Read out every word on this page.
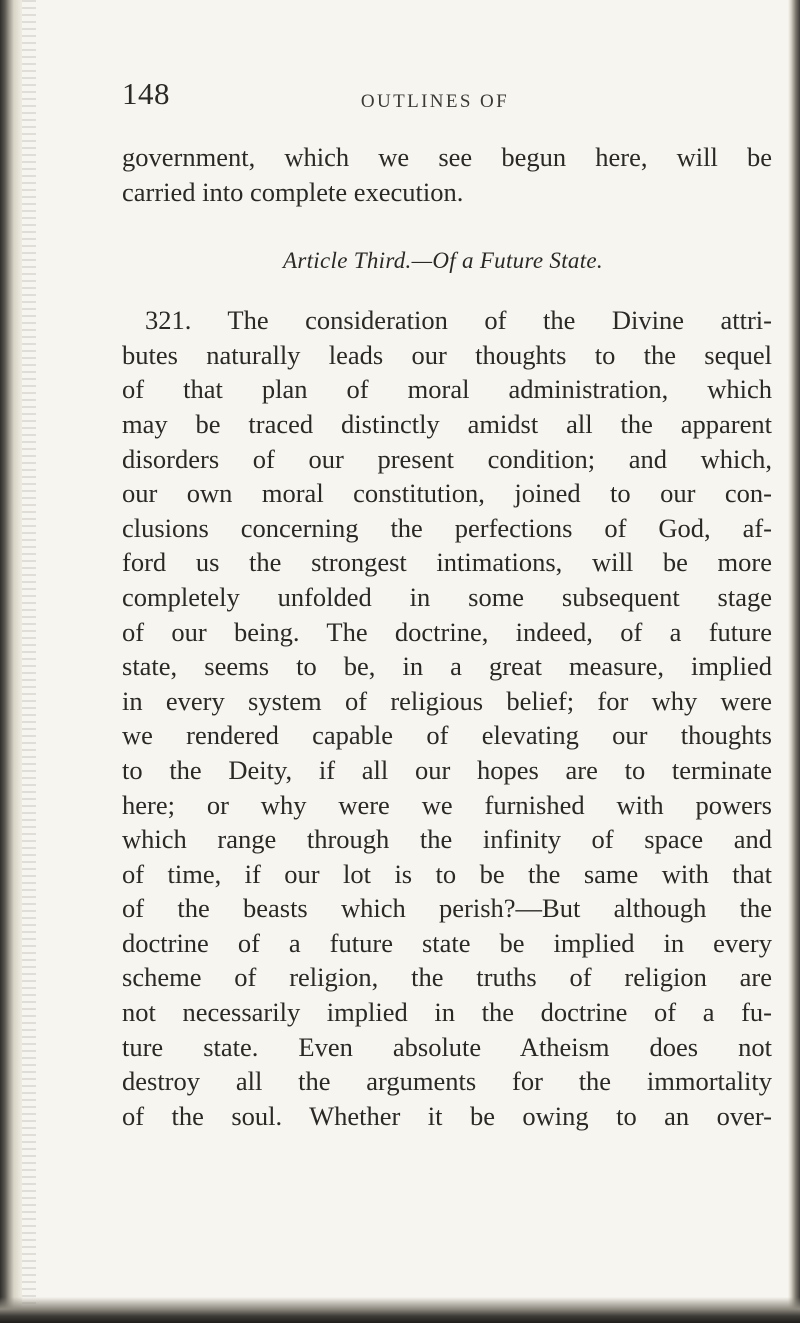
148	OUTLINES OF
government, which we see begun here, will be
carried into complete execution.
Article Third.—Of a Future State.
321. The consideration of the Divine attri-
butes naturally leads our thoughts to the sequel
of that plan of moral administration, which
may be traced distinctly amidst all the apparent
disorders of our present condition; and which,
our own moral constitution, joined to our con-
clusions concerning the perfections of God, af-
ford us the strongest intimations, will be more
completely unfolded in some subsequent stage
of our being. The doctrine, indeed, of a future
state, seems to be, in a great measure, implied
in every system of religious belief; for why were
we rendered capable of elevating our thoughts
to the Deity, if all our hopes are to terminate
here; or why were we furnished with powers
which range through the infinity of space and
of time, if our lot is to be the same with that
of the beasts which perish?—But although the
doctrine of a future state be implied in every
scheme of religion, the truths of religion are
not necessarily implied in the doctrine of a fu-
ture state. Even absolute Atheism does not
destroy all the arguments for the immortality
of the soul. Whether it be owing to an over-
